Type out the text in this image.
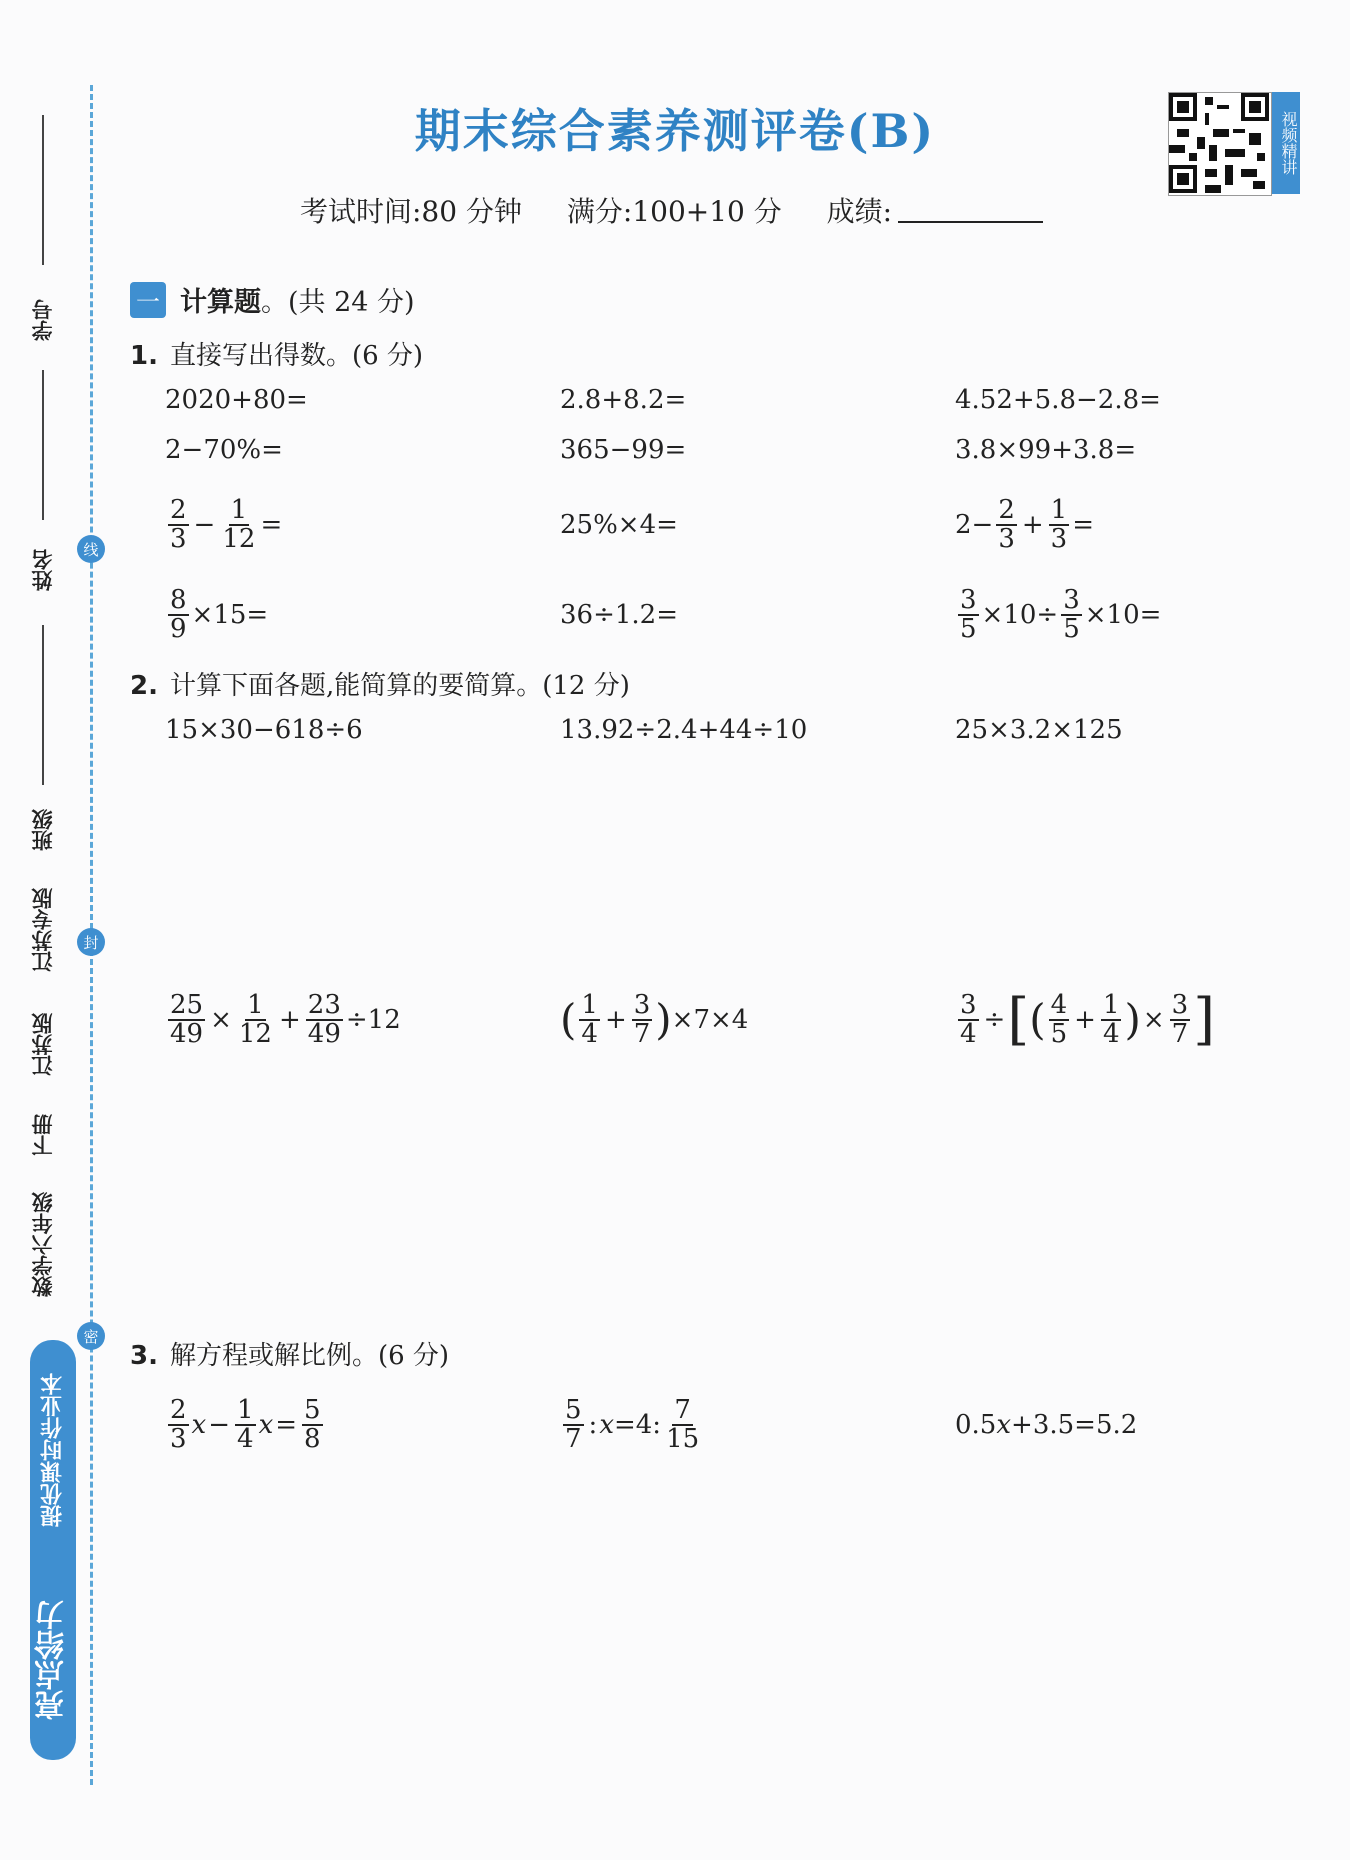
线
封
密
学号
姓名
班级
江苏专版
江苏版
下册
数学六年级
提优课时作业本
亮点给力
期末综合素养测评卷(B)	视频精讲
考试时间:80 分钟 满分:100+10 分 成绩:
一 计算题 。(共 24 分)
1. 直接写出得数。(6 分)
2020+80=	2.8+8.2=	4.52+5.8−2.8=
2−70%=	365−99=	3.8×99+3.8=
$\frac{2}{3} - \frac{1}{12}$ =	25%×4=	$2- \frac{2}{3} + \frac{1}{3}$ =
$\frac{8}{9} \times 15=$	36÷1.2=	$\frac{3}{5} \times 10\div \frac{3}{5} \times 10=$
2. 计算下面各题,能简算的要简算。(12 分)
15×30−618÷6	13.92÷2.4+44÷10	25×3.2×125
$\frac{25}{49} \times \frac{1}{12} + \frac{23}{49} \div 12$	( $\frac{1}{4} + \frac{3}{7}$ ) ×7×4	$\frac{3}{4}$ ÷ [ ( $\frac{4}{5} + \frac{1}{4}$ ) × $\frac{3}{7}$ ]
3. 解方程或解比例。(6 分)
$\frac{2}{3}$ $x - \frac{1}{4}$ $x = \frac{5}{8}$	$\frac{5}{7}$ : x =4: $\frac{7}{15}$	0.5 x +3.5=5.2
